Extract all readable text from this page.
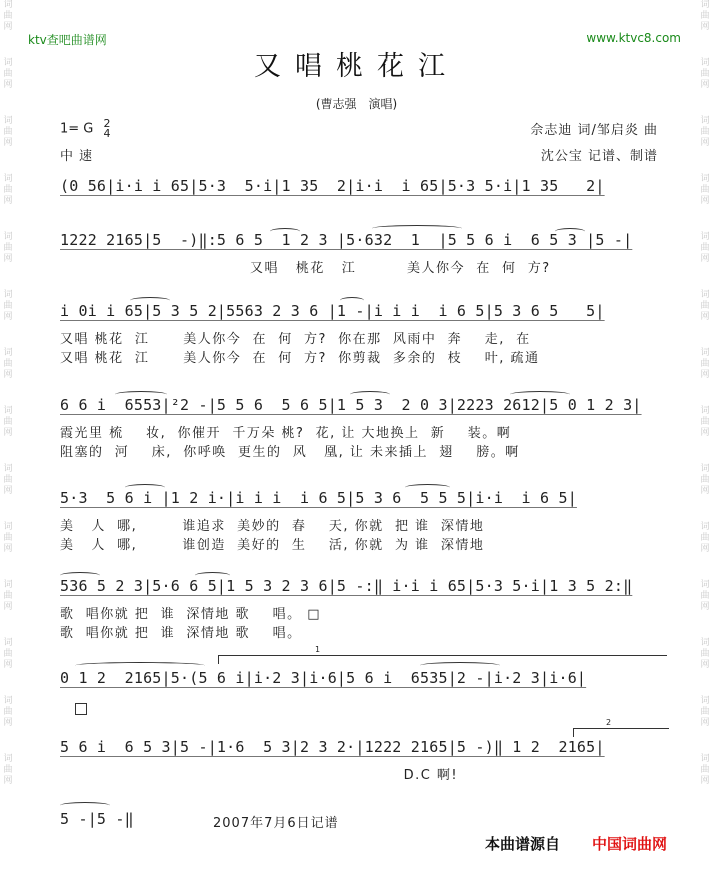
词
曲
网
词
曲
网
词
曲
网
词
曲
网
词
曲
网
词
曲
网
词
曲
网
词
曲
网
词
曲
网
词
曲
网
词
曲
网
词
曲
网
词
曲
网
词
曲
网
词
曲
网
词
曲
网
词
曲
网
词
曲
网
词
曲
网
词
曲
网
词
曲
网
词
曲
网
词
曲
网
词
曲
网
词
曲
网
词
曲
网
词
曲
网
词
曲
网
ktv查吧曲谱网	www.ktvc8.com
又唱桃花江
(曹志强　演唱)
1= G 2
4
中速
佘志迪 词/邹启炎 曲
沈公宝 记谱、制谱
(0 56|i·i i 65|5·3  5·i|1 35  2|i·i  i 65|5·3 5·i|1 35   2|
1222 2165|5  -)‖:5 6 5  1 2 3 |5·632  1  |5 5 6 i  6 5 3 |5 -|
又唱   桃花   江         美人你今  在  何  方?
i 0i i 65|5 3 5 2|5563 2 3 6 |1 -|i i i  i 6 5|5 3 6 5   5|
又唱 桃花  江      美人你今  在  何  方?  你在那  风雨中  奔    走,  在
又唱 桃花  江      美人你今  在  何  方?  你剪裁  多余的  枝    叶, 疏通
6 6 i  6553|²2 -|5 5 6  5 6 5|1 5 3  2 0 3|2223 2612|5 0 1 2 3|
霞光里 梳    妆,  你催开  千万朵 桃?  花, 让 大地换上  新    装。啊
阻塞的  河    床,  你呼唤  更生的  风   凰, 让 未来插上  翅    膀。啊
5·3  5 6 i |1 2 i·|i i i  i 6 5|5 3 6  5 5 5|i·i  i 6 5|
美   人  哪,        谁追求  美妙的  春    天, 你就  把 谁  深情地
美   人  哪,        谁创造  美好的  生    活, 你就  为 谁  深情地
536 5 2 3|5·6 6 5|1 5 3 2 3 6|5 -:‖ i·i i 65|5·3 5·i|1 3 5 2:‖
歌  唱你就 把  谁  深情地 歌    唱。 □
歌  唱你就 把  谁  深情地 歌    唱。
0 1 2  2165|5·(5 6 i|i·2 3|i·6|5 6 i  6535|2 -|i·2 3|i·6|
5 6 i  6 5 3|5 -|1·6  5 3|2 3 2·|1222 2165|5 -)‖ 1 2  2165|
D.C 啊!
5 -|5 -‖
1
2
2007年7月6日记谱
本曲谱源自 中国词曲网
